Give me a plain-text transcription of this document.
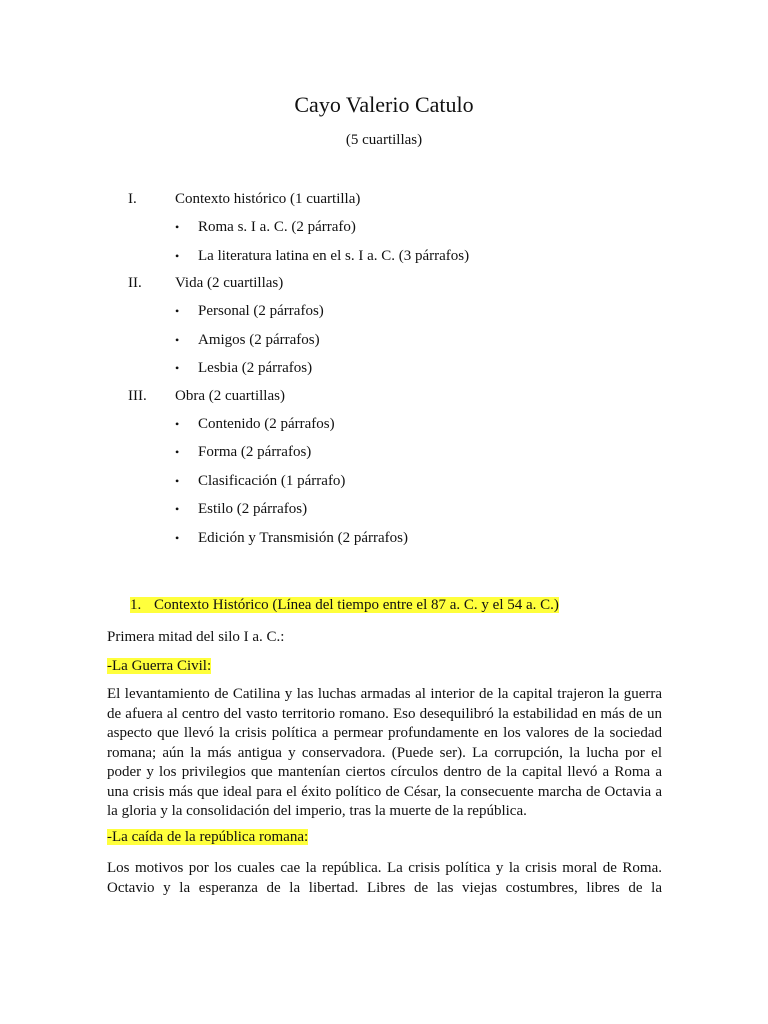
Cayo Valerio Catulo
(5 cuartillas)
I.	Contexto histórico (1 cuartilla)
• Roma s. I a. C. (2 párrafo)
• La literatura latina en el s. I a. C. (3 párrafos)
II. Vida (2 cuartillas)
• Personal (2 párrafos)
• Amigos (2 párrafos)
• Lesbia (2 párrafos)
III. Obra (2 cuartillas)
• Contenido (2 párrafos)
• Forma (2 párrafos)
• Clasificación (1 párrafo)
• Estilo (2 párrafos)
• Edición y Transmisión (2 párrafos)
1. Contexto Histórico (Línea del tiempo entre el 87 a. C. y el 54 a. C.)
Primera mitad del silo I a. C.:
-La Guerra Civil:
El levantamiento de Catilina y las luchas armadas al interior de la capital trajeron la guerra
de afuera al centro del vasto territorio romano. Eso desequilibró la estabilidad en más de un
aspecto que llevó la crisis política a permear profundamente en los valores de la sociedad
romana; aún la más antigua y conservadora. (Puede ser). La corrupción, la lucha por el
poder y los privilegios que mantenían ciertos círculos dentro de la capital llevó a Roma a
una crisis más que ideal para el éxito político de César, la consecuente marcha de Octavia a
la gloria y la consolidación del imperio, tras la muerte de la república.
-La caída de la república romana:
Los motivos por los cuales cae la república. La crisis política y la crisis moral de Roma.
Octavio y la esperanza de la libertad. Libres de las viejas costumbres, libres de la
